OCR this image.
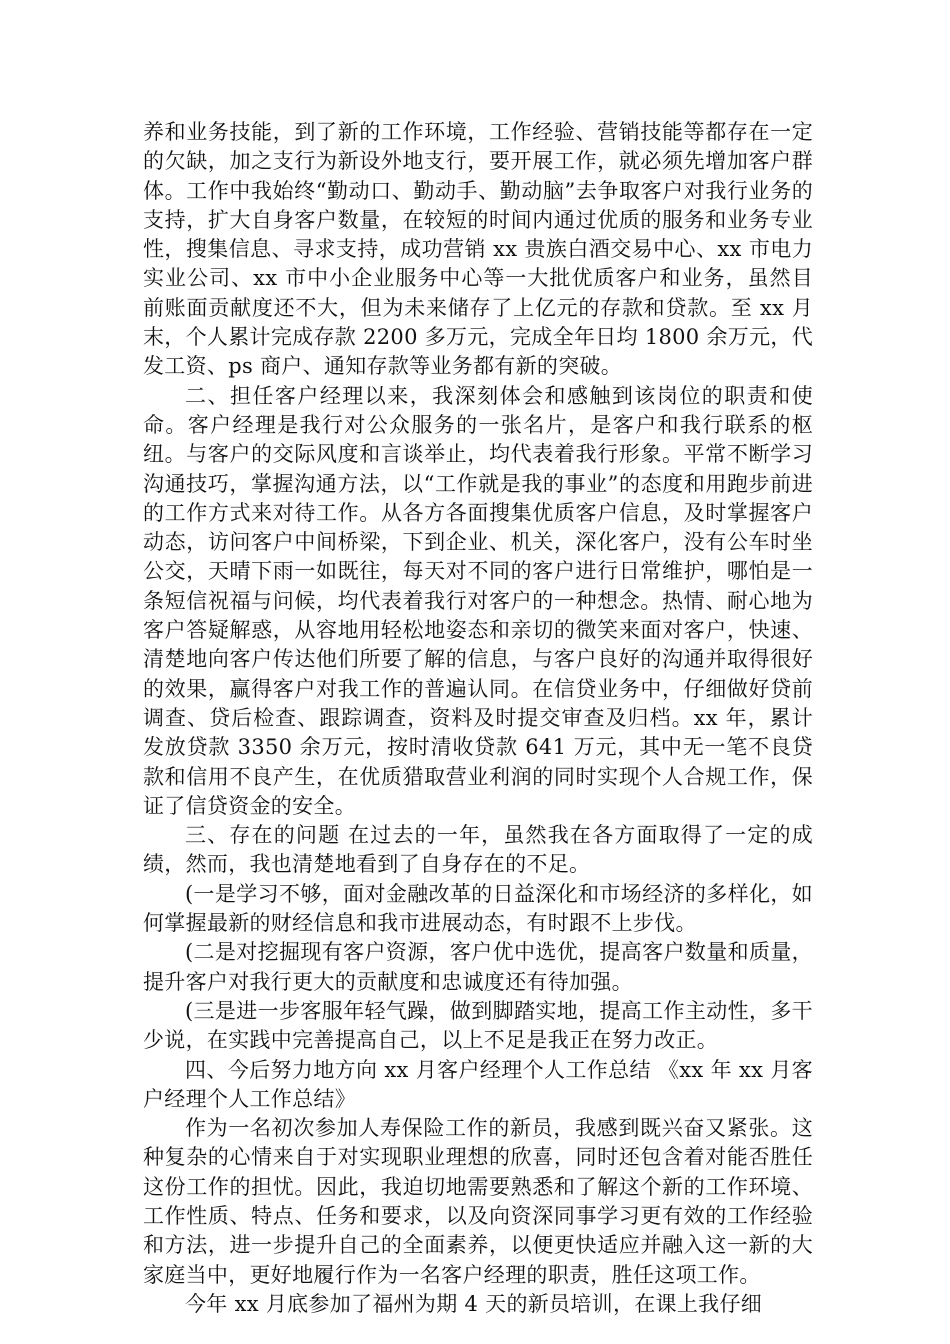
养和业务技能，到了新的工作环境，工作经验、营销技能等都存在一定的欠缺，加之支行为新设外地支行，要开展工作，就必须先增加客户群体。工作中我始终“勤动口、勤动手、勤动脑”去争取客户对我行业务的支持，扩大自身客户数量，在较短的时间内通过优质的服务和业务专业性，搜集信息、寻求支持，成功营销 xx 贵族白酒交易中心、xx 市电力实业公司、xx 市中小企业服务中心等一大批优质客户和业务，虽然目前账面贡献度还不大，但为未来储存了上亿元的存款和贷款。至 xx 月末，个人累计完成存款 2200 多万元，完成全年日均 1800 余万元，代发工资、ps 商户、通知存款等业务都有新的突破。

二、担任客户经理以来，我深刻体会和感触到该岗位的职责和使命。客户经理是我行对公众服务的一张名片，是客户和我行联系的枢纽。与客户的交际风度和言谈举止，均代表着我行形象。平常不断学习沟通技巧，掌握沟通方法，以“工作就是我的事业”的态度和用跑步前进的工作方式来对待工作。从各方各面搜集优质客户信息，及时掌握客户动态，访问客户中间桥梁，下到企业、机关，深化客户，没有公车时坐公交，天晴下雨一如既往，每天对不同的客户进行日常维护，哪怕是一条短信祝福与问候，均代表着我行对客户的一种想念。热情、耐心地为客户答疑解惑，从容地用轻松地姿态和亲切的微笑来面对客户，快速、清楚地向客户传达他们所要了解的信息，与客户良好的沟通并取得很好的效果，赢得客户对我工作的普遍认同。在信贷业务中，仔细做好贷前调查、贷后检查、跟踪调查，资料及时提交审查及归档。xx 年，累计发放贷款 3350 余万元，按时清收贷款 641 万元，其中无一笔不良贷款和信用不良产生，在优质猎取营业利润的同时实现个人合规工作，保证了信贷资金的安全。

三、存在的问题 在过去的一年，虽然我在各方面取得了一定的成绩，然而，我也清楚地看到了自身存在的不足。

(一是学习不够，面对金融改革的日益深化和市场经济的多样化，如何掌握最新的财经信息和我市进展动态，有时跟不上步伐。

(二是对挖掘现有客户资源，客户优中选优，提高客户数量和质量，提升客户对我行更大的贡献度和忠诚度还有待加强。

(三是进一步客服年轻气躁，做到脚踏实地，提高工作主动性，多干少说，在实践中完善提高自己，以上不足是我正在努力改正。

四、今后努力地方向 xx 月客户经理个人工作总结 《xx 年 xx 月客户经理个人工作总结》

作为一名初次参加人寿保险工作的新员，我感到既兴奋又紧张。这种复杂的心情来自于对实现职业理想的欣喜，同时还包含着对能否胜任这份工作的担忧。因此，我迫切地需要熟悉和了解这个新的工作环境、工作性质、特点、任务和要求，以及向资深同事学习更有效的工作经验和方法，进一步提升自己的全面素养，以便更快适应并融入这一新的大家庭当中，更好地履行作为一名客户经理的职责，胜任这项工作。

今年 xx 月底参加了福州为期 4 天的新员培训，在课上我仔细
